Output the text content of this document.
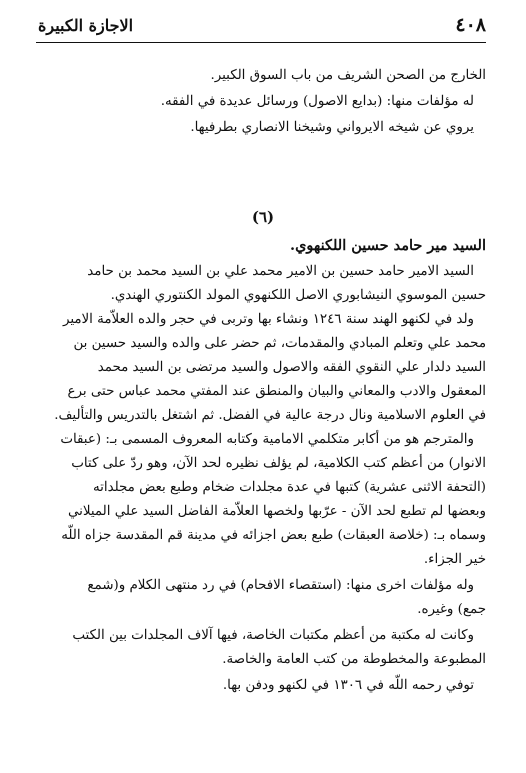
الاجازة الكبيرة	٤٠٨
الخارج من الصحن الشريف من باب السوق الكبير.
له مؤلفات منها: (بدايع الاصول) ورسائل عديدة في الفقه.
يروي عن شيخه الايرواني وشيخنا الانصاري بطرفيها.
(٦)
السيد مير حامد حسين اللكنهوي.
السيد الامير حامد حسين بن الامير محمد علي بن السيد محمد بن حامد
حسين الموسوي النيشابوري الاصل اللكنهوي المولد الكنتوري الهندي.
ولد في لكنهو الهند سنة ١٢٤٦ ونشاء بها وتربى في حجر والده العلاّمة الامير
محمد علي وتعلم المبادي والمقدمات، ثم حضر على والده والسيد حسين بن
السيد دلدار علي النقوي الفقه والاصول والسيد مرتضى بن السيد محمد
المعقول والادب والمعاني والبيان والمنطق عند المفتي محمد عباس حتى برع
في العلوم الاسلامية ونال درجة عالية في الفضل. ثم اشتغل بالتدريس والتأليف.
والمترجم هو من أكابر متكلمي الامامية وكتابه المعروف المسمى بـ: (عبقات
الانوار) من أعظم كتب الكلامية، لم يؤلف نظيره لحد الآن، وهو ردّ على كتاب
(التحفة الاثنى عشرية) كتبها في عدة مجلدات ضخام وطبع بعض مجلداته
وبعضها لم تطبع لحد الآن - عرّبها ولخصها العلاّمة الفاضل السيد علي الميلاني
وسماه بـ: (خلاصة العبقات) طبع بعض اجزائه في مدينة قم المقدسة جزاه اللّه
خير الجزاء.
وله مؤلفات اخرى منها: (استقصاء الافحام) في رد منتهى الكلام و(شمع
جمع) وغيره.
وكانت له مكتبة من أعظم مكتبات الخاصة، فيها آلاف المجلدات بين الكتب
المطبوعة والمخطوطة من كتب العامة والخاصة.
توفي رحمه اللّه في ١٣٠٦ في لكنهو ودفن بها.
